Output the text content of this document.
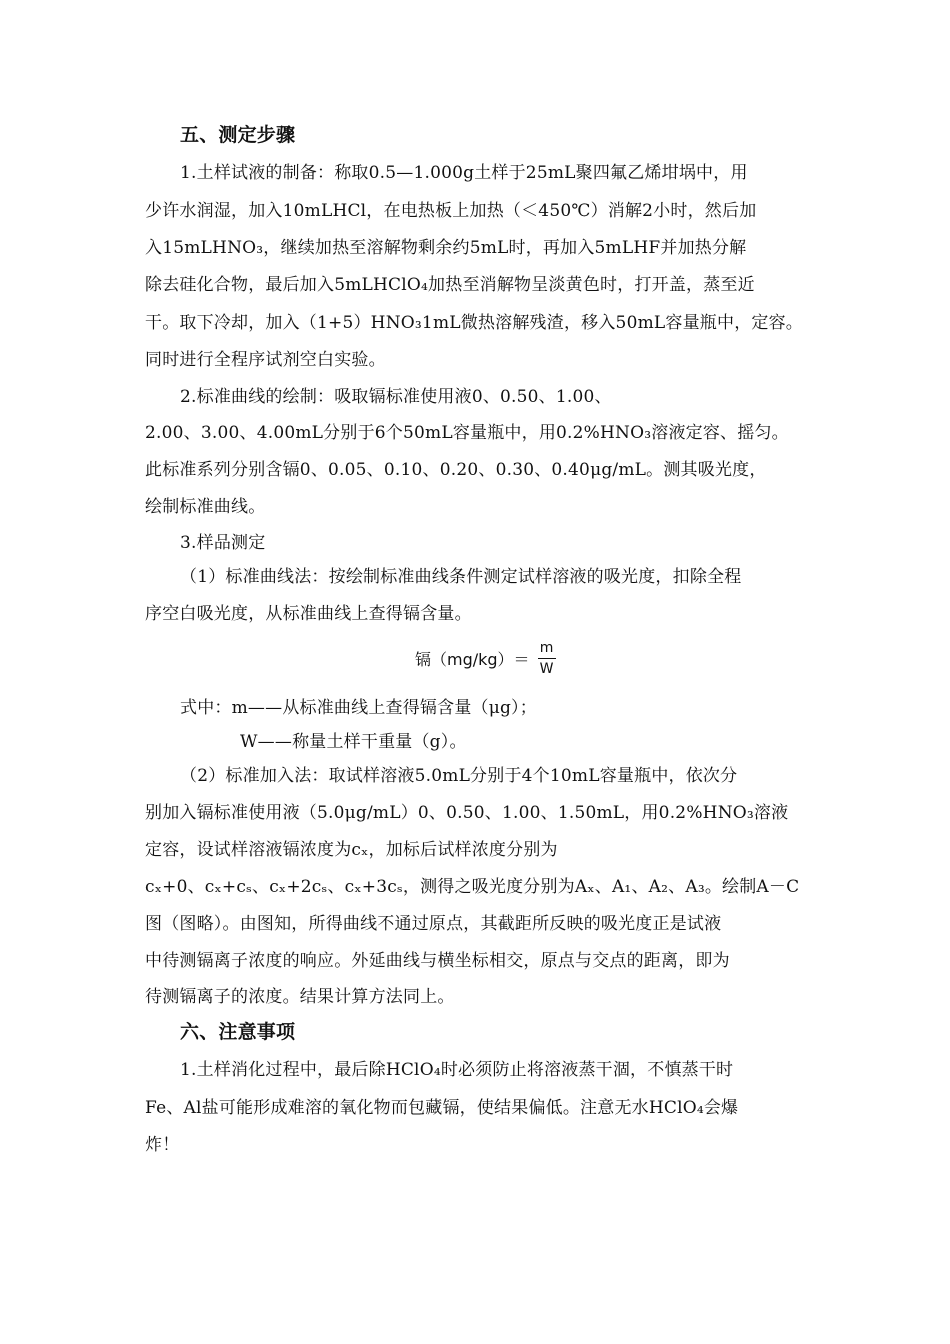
五、测定步骤
1.土样试液的制备：称取0.5—1.000g土样于25mL聚四氟乙烯坩埚中，用
少许水润湿，加入10mLHCl，在电热板上加热（＜450℃）消解2小时，然后加
入15mLHNO₃，继续加热至溶解物剩余约5mL时，再加入5mLHF并加热分解
除去硅化合物，最后加入5mLHClO₄加热至消解物呈淡黄色时，打开盖，蒸至近
干。取下冷却，加入（1+5）HNO₃1mL微热溶解残渣，移入50mL容量瓶中，定容。
同时进行全程序试剂空白实验。
2.标准曲线的绘制：吸取镉标准使用液0、0.50、1.00、
2.00、3.00、4.00mL分别于6个50mL容量瓶中，用0.2%HNO₃溶液定容、摇匀。
此标准系列分别含镉0、0.05、0.10、0.20、0.30、0.40μg/mL。测其吸光度，
绘制标准曲线。
3.样品测定
（1）标准曲线法：按绘制标准曲线条件测定试样溶液的吸光度，扣除全程
序空白吸光度，从标准曲线上查得镉含量。
镉$(mg/kg)= \frac{m}{W}$
式中：m——从标准曲线上查得镉含量（μg）；
W——称量土样干重量（g）。
（2）标准加入法：取试样溶液5.0mL分别于4个10mL容量瓶中，依次分
别加入镉标准使用液（5.0μg/mL）0、0.50、1.00、1.50mL，用0.2%HNO₃溶液
定容，设试样溶液镉浓度为cₓ，加标后试样浓度分别为
cₓ+0、cₓ+cₛ、cₓ+2cₛ、cₓ+3cₛ，测得之吸光度分别为Aₓ、A₁、A₂、A₃。绘制A－C
图（图略）。由图知，所得曲线不通过原点，其截距所反映的吸光度正是试液
中待测镉离子浓度的响应。外延曲线与横坐标相交，原点与交点的距离，即为
待测镉离子的浓度。结果计算方法同上。
六、注意事项
1.土样消化过程中，最后除HClO₄时必须防止将溶液蒸干涸，不慎蒸干时
Fe、Al盐可能形成难溶的氧化物而包藏镉，使结果偏低。注意无水HClO₄会爆
炸！
